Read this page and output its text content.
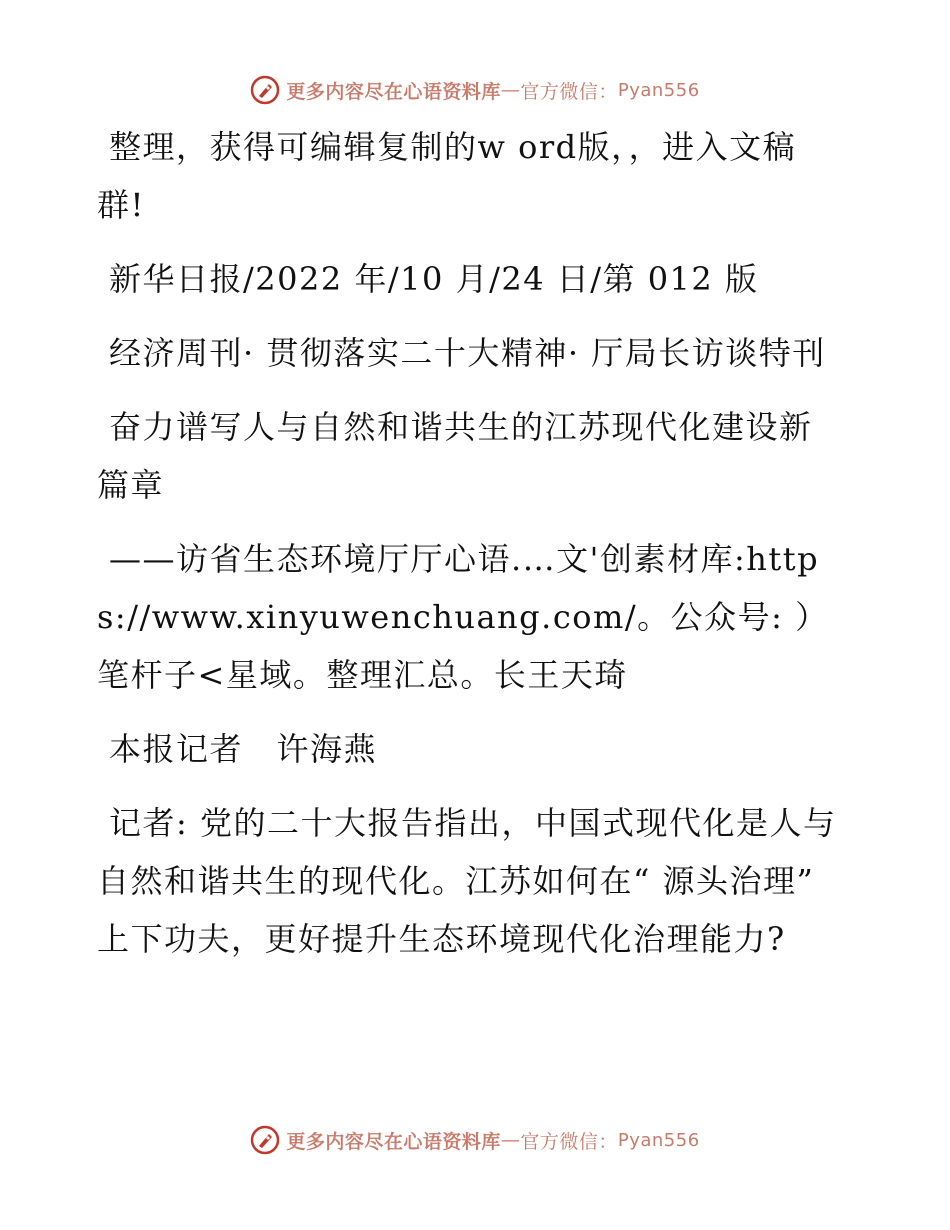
更多内容尽在心语资料库 — 官方微信： Pyan556

整理，获得可编辑复制的w ord版，，进入文稿群!

新华日报/2022 年/10 月/24 日/第 012 版

经济周刊· 贯彻落实二十大精神· 厅局长访谈特刊

奋力谱写人与自然和谐共生的江苏现代化建设新篇章

——访省生态环境厅厅心语.…文'创素材库:https://www.xinyuwenchuang.com/。公众号: ）笔杆子<星域。整理汇总。长王天琦

本报记者　许海燕

记者: 党的二十大报告指出，中国式现代化是人与自然和谐共生的现代化。江苏如何在“ 源头治理” 上下功夫，更好提升生态环境现代化治理能力?

更多内容尽在心语资料库 — 官方微信： Pyan556
